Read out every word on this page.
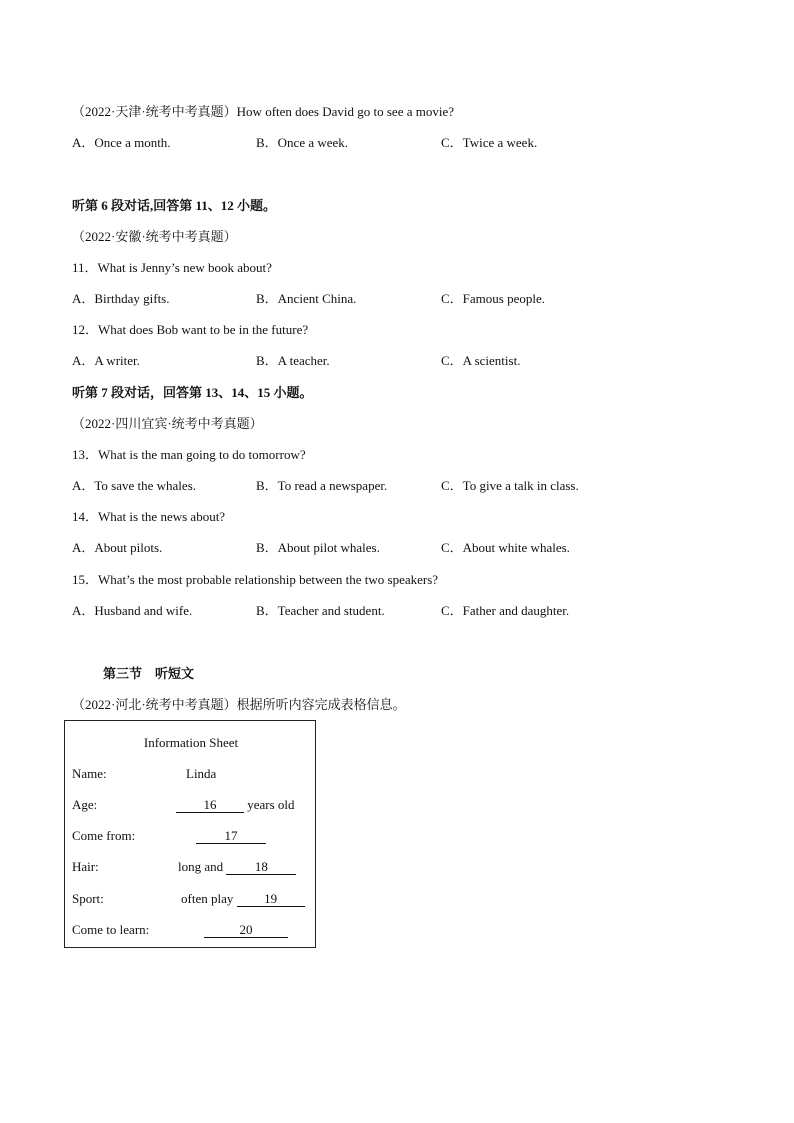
（2022·天津·统考中考真题）How often does David go to see a movie?
A．Once a month.	B．Once a week.	C．Twice a week.
听第 6 段对话,回答第 11、12 小题。
（2022·安徽·统考中考真题）
11．What is Jenny’s new book about?
A．Birthday gifts.	B．Ancient China.	C．Famous people.
12．What does Bob want to be in the future?
A．A writer.	B．A teacher.	C．A scientist.
听第 7 段对话，回答第 13、14、15 小题。
（2022·四川宜宾·统考中考真题）
13．What is the man going to do tomorrow?
A．To save the whales.	B．To read a newspaper.	C．To give a talk in class.
14．What is the news about?
A．About pilots.	B．About pilot whales.	C．About white whales.
15．What’s the most probable relationship between the two speakers?
A．Husband and wife.	B．Teacher and student.	C．Father and daughter.
第三节　听短文
（2022·河北·统考中考真题）根据所听内容完成表格信息。
Information Sheet
Name:	Linda
Age:	16 years old
Come from:	17
Hair:	long and 18
Sport:	often play 19
Come to learn:	20
